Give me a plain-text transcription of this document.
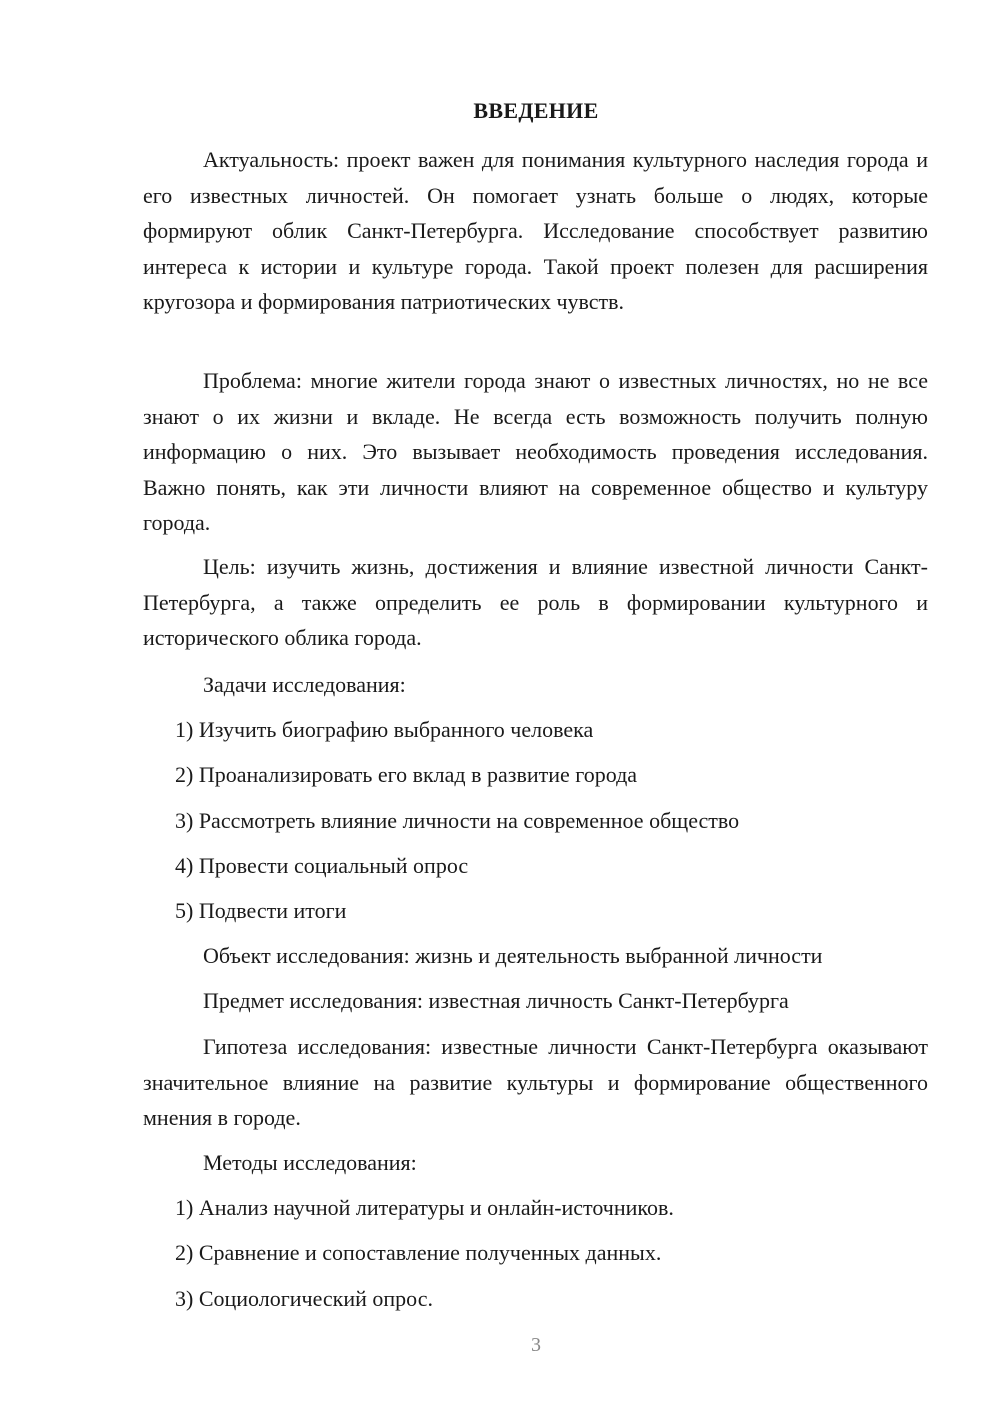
ВВЕДЕНИЕ

Актуальность: проект важен для понимания культурного наследия города и его известных личностей. Он помогает узнать больше о людях, которые формируют облик Санкт-Петербурга. Исследование способствует развитию интереса к истории и культуре города. Такой проект полезен для расширения кругозора и формирования патриотических чувств.

Проблема: многие жители города знают о известных личностях, но не все знают о их жизни и вкладе. Не всегда есть возможность получить полную информацию о них. Это вызывает необходимость проведения исследования. Важно понять, как эти личности влияют на современное общество и культуру города.

Цель: изучить жизнь, достижения и влияние известной личности Санкт-Петербурга, а также определить ее роль в формировании культурного и исторического облика города.

Задачи исследования:
1) Изучить биографию выбранного человека
2) Проанализировать его вклад в развитие города
3) Рассмотреть влияние личности на современное общество
4) Провести социальный опрос
5) Подвести итоги
Объект исследования: жизнь и деятельность выбранной личности
Предмет исследования: известная личность Санкт-Петербурга

Гипотеза исследования: известные личности Санкт-Петербурга оказывают значительное влияние на развитие культуры и формирование общественного мнения в городе.

Методы исследования:
1) Анализ научной литературы и онлайн-источников.
2) Сравнение и сопоставление полученных данных.
3) Социологический опрос.
3
